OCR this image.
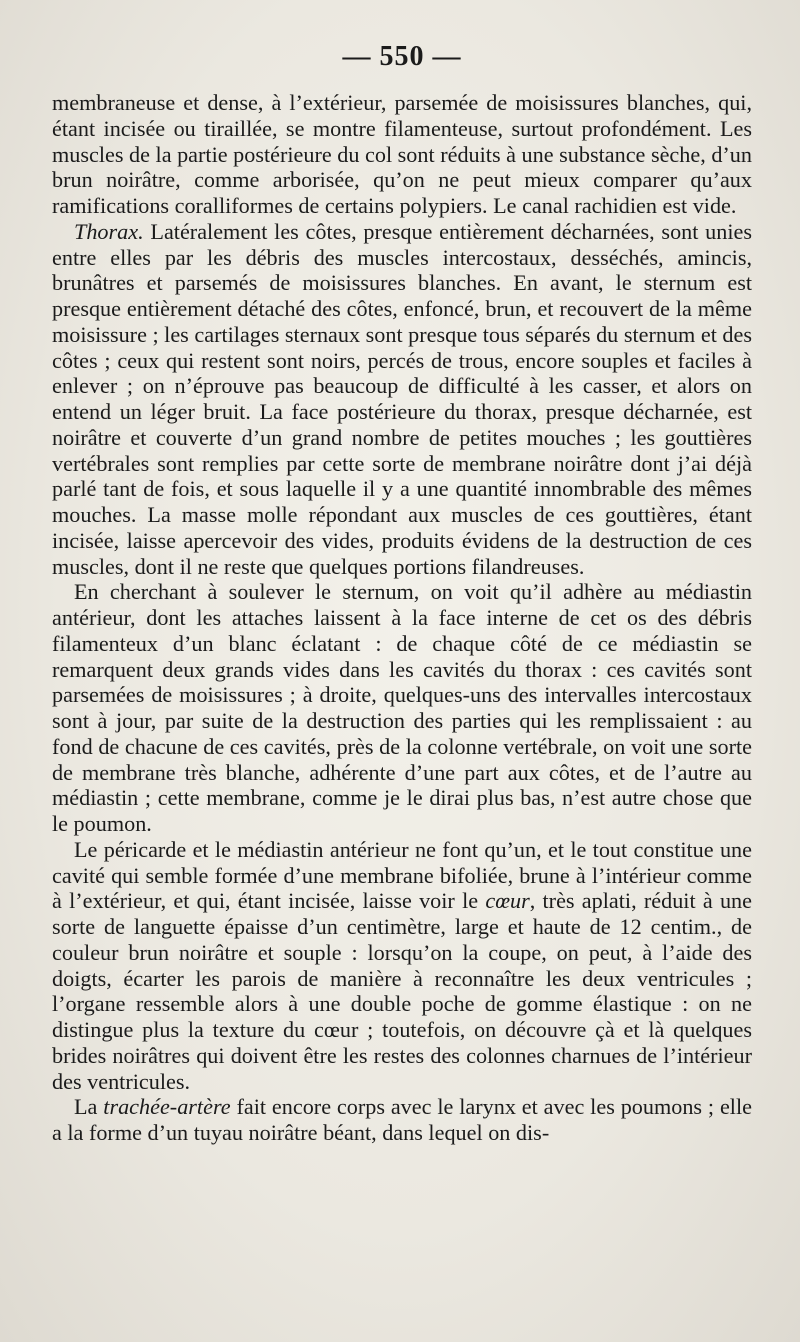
— 550 —

membraneuse et dense, à l’extérieur, parsemée de moisissures blanches, qui, étant incisée ou tiraillée, se montre filamenteuse, surtout profondément. Les muscles de la partie postérieure du col sont réduits à une substance sèche, d’un brun noirâtre, comme arborisée, qu’on ne peut mieux comparer qu’aux ramifications coralliformes de certains polypiers. Le canal rachidien est vide.

Thorax. Latéralement les côtes, presque entièrement décharnées, sont unies entre elles par les débris des muscles intercostaux, desséchés, amincis, brunâtres et parsemés de moisissures blanches. En avant, le sternum est presque entièrement détaché des côtes, enfoncé, brun, et recouvert de la même moisissure ; les cartilages sternaux sont presque tous séparés du sternum et des côtes ; ceux qui restent sont noirs, percés de trous, encore souples et faciles à enlever ; on n’éprouve pas beaucoup de difficulté à les casser, et alors on entend un léger bruit. La face postérieure du thorax, presque décharnée, est noirâtre et couverte d’un grand nombre de petites mouches ; les gouttières vertébrales sont remplies par cette sorte de membrane noirâtre dont j’ai déjà parlé tant de fois, et sous laquelle il y a une quantité innombrable des mêmes mouches. La masse molle répondant aux muscles de ces gouttières, étant incisée, laisse apercevoir des vides, produits évidens de la destruction de ces muscles, dont il ne reste que quelques portions filandreuses.

En cherchant à soulever le sternum, on voit qu’il adhère au médiastin antérieur, dont les attaches laissent à la face interne de cet os des débris filamenteux d’un blanc éclatant : de chaque côté de ce médiastin se remarquent deux grands vides dans les cavités du thorax : ces cavités sont parsemées de moisissures ; à droite, quelques-uns des intervalles intercostaux sont à jour, par suite de la destruction des parties qui les remplissaient : au fond de chacune de ces cavités, près de la colonne vertébrale, on voit une sorte de membrane très blanche, adhérente d’une part aux côtes, et de l’autre au médiastin ; cette membrane, comme je le dirai plus bas, n’est autre chose que le poumon.

Le péricarde et le médiastin antérieur ne font qu’un, et le tout constitue une cavité qui semble formée d’une membrane bifoliée, brune à l’intérieur comme à l’extérieur, et qui, étant incisée, laisse voir le cœur, très aplati, réduit à une sorte de languette épaisse d’un centimètre, large et haute de 12 centim., de couleur brun noirâtre et souple : lorsqu’on la coupe, on peut, à l’aide des doigts, écarter les parois de manière à reconnaître les deux ventricules ; l’organe ressemble alors à une double poche de gomme élastique : on ne distingue plus la texture du cœur ; toutefois, on découvre çà et là quelques brides noirâtres qui doivent être les restes des colonnes charnues de l’intérieur des ventricules.

La trachée-artère fait encore corps avec le larynx et avec les poumons ; elle a la forme d’un tuyau noirâtre béant, dans lequel on dis-
